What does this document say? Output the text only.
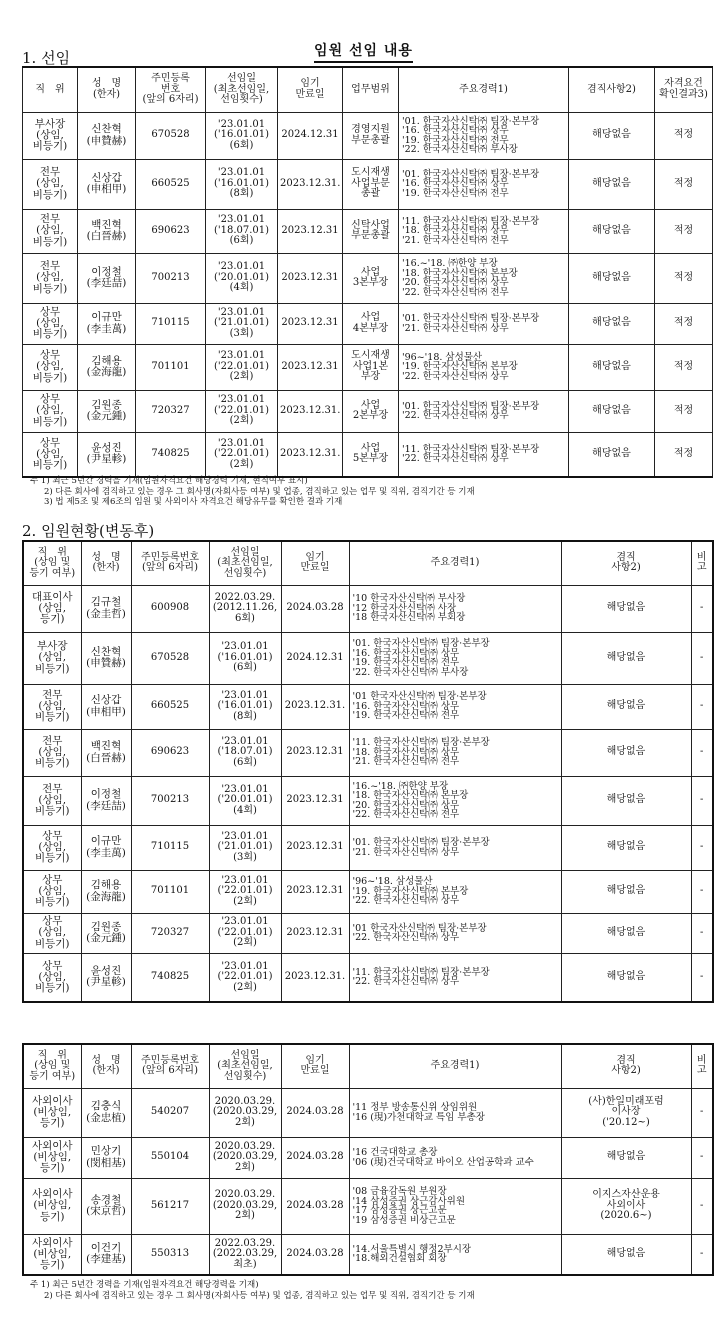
임원 선임 내용
1. 선임
직　위	성　명
(한자)	주민등록
번호
(앞의 6자리)	선임일
(최초선임일,
선임횟수)	임기
만료일	업무범위	주요경력1)	겸직사항2)	자격요건
확인결과3)

부사장
(상임,
비등기)	신찬혁
(申贊赫)	670528	'23.01.01
('16.01.01)
(6회)	2024.12.31	경영지원
부문총괄	'01. 한국자산신탁㈜ 팀장·본부장
'16. 한국자산신탁㈜ 상무
'19. 한국자산신탁㈜ 전무
'22. 한국자산신탁㈜ 부사장	해당없음	적정

전무
(상임,
비등기)	신상갑
(申相甲)	660525	'23.01.01
('16.01.01)
(8회)	2023.12.31.	도시재생
사업부문
총괄	'01. 한국자산신탁㈜ 팀장·본부장
'16. 한국자산신탁㈜ 상무
'19. 한국자산신탁㈜ 전무	해당없음	적정

전무
(상임,
비등기)	백진혁
(白晉赫)	690623	'23.01.01
('18.07.01)
(6회)	2023.12.31	신탁사업
부문총괄	'11. 한국자산신탁㈜ 팀장·본부장
'18. 한국자산신탁㈜ 상무
'21. 한국자산신탁㈜ 전무	해당없음	적정

전무
(상임,
비등기)	이정철
(李廷喆)	700213	'23.01.01
('20.01.01)
(4회)	2023.12.31	사업
3본부장	'16.~'18. ㈜한양 부장
'18. 한국자산신탁㈜ 본부장
'20. 한국자산신탁㈜ 상무
'22. 한국자산신탁㈜ 전무	해당없음	적정

상무
(상임,
비등기)	이규만
(李圭萬)	710115	'23.01.01
('21.01.01)
(3회)	2023.12.31	사업
4본부장	'01. 한국자산신탁㈜ 팀장·본부장
'21. 한국자산신탁㈜ 상무	해당없음	적정

상무
(상임,
비등기)	김해용
(金海龍)	701101	'23.01.01
('22.01.01)
(2회)	2023.12.31	도시재생
사업1본
부장	'96~'18. 삼성물산
'19. 한국자산신탁㈜ 본부장
'22. 한국자산신탁㈜ 상무	해당없음	적정

상무
(상임,
비등기)	김원종
(金元鍾)	720327	'23.01.01
('22.01.01)
(2회)	2023.12.31.	사업
2본부장	'01. 한국자산신탁㈜ 팀장·본부장
'22. 한국자산신탁㈜ 상무	해당없음	적정

상무
(상임,
비등기)	윤성진
(尹星軫)	740825	'23.01.01
('22.01.01)
(2회)	2023.12.31.	사업
5본부장	'11. 한국자산신탁㈜ 팀장·본부장
'22. 한국자산신탁㈜ 상무	해당없음	적정
주 1) 최근 5년간 경력을 기재(임원자격요건 해당경력 기재, 현직여부 표시)
2) 다른 회사에 겸직하고 있는 경우 그 회사명(자회사등 여부) 및 업종, 겸직하고 있는 업무 및 직위, 겸직기간 등 기재
3) 법 제5조 및 제6조의 임원 및 사외이사 자격요건 해당유무를 확인한 결과 기재
2. 임원현황(변동후)
직　위
(상임 및
등기 여부)	성　명
(한자)	주민등록번호
(앞의 6자리)	선임일
(최초선임일,
선임횟수)	임기
만료일	주요경력1)	겸직
사항2)	비
고

대표이사
(상임,
등기)	김규철
(金圭哲)	600908	2022.03.29.
(2012.11.26,
6회)	2024.03.28	'10 한국자산신탁㈜ 부사장
'12 한국자산신탁㈜ 사장
'18 한국자산신탁㈜ 부회장	해당없음	-

부사장
(상임,
비등기)	신찬혁
(申贊赫)	670528	'23.01.01
('16.01.01)
(6회)	2024.12.31	'01. 한국자산신탁㈜ 팀장·본부장
'16. 한국자산신탁㈜ 상무
'19. 한국자산신탁㈜ 전무
'22. 한국자산신탁㈜ 부사장	해당없음	-

전무
(상임,
비등기)	신상갑
(申相甲)	660525	'23.01.01
('16.01.01)
(8회)	2023.12.31.	'01 한국자산신탁㈜ 팀장·본부장
'16. 한국자산신탁㈜ 상무
'19. 한국자산신탁㈜ 전무	해당없음	-

전무
(상임,
비등기)	백진혁
(白晉赫)	690623	'23.01.01
('18.07.01)
(6회)	2023.12.31	'11. 한국자산신탁㈜ 팀장·본부장
'18. 한국자산신탁㈜ 상무
'21. 한국자산신탁㈜ 전무	해당없음	-

전무
(상임,
비등기)	이정철
(李廷喆)	700213	'23.01.01
('20.01.01)
(4회)	2023.12.31	'16.~'18. ㈜한양 부장
'18. 한국자산신탁㈜ 본부장
'20. 한국자산신탁㈜ 상무
'22. 한국자산신탁㈜ 전무	해당없음	-

상무
(상임,
비등기)	이규만
(李圭萬)	710115	'23.01.01
('21.01.01)
(3회)	2023.12.31	'01. 한국자산신탁㈜ 팀장·본부장
'21. 한국자산신탁㈜ 상무	해당없음	-

상무
(상임,
비등기)	김해용
(金海龍)	701101	'23.01.01
('22.01.01)
(2회)	2023.12.31	'96~'18. 삼성물산
'19. 한국자산신탁㈜ 본부장
'22. 한국자산신탁㈜ 상무	해당없음	-

상무
(상임,
비등기)	김원종
(金元鍾)	720327	'23.01.01
('22.01.01)
(2회)	2023.12.31	'01 한국자산신탁㈜ 팀장·본부장
'22. 한국자산신탁㈜ 상무	해당없음	-

상무
(상임,
비등기)	윤성진
(尹星軫)	740825	'23.01.01
('22.01.01)
(2회)	2023.12.31.	'11. 한국자산신탁㈜ 팀장·본부장
'22. 한국자산신탁㈜ 상무	해당없음	-
직　위
(상임 및
등기 여부)	성　명
(한자)	주민등록번호
(앞의 6자리)	선임일
(최초선임일,
선임횟수)	임기
만료일	주요경력1)	겸직
사항2)	비
고

사외이사
(비상임,
등기)	김충식
(金忠植)	540207	2020.03.29.
(2020.03.29,
2회)	2024.03.28	'11 정부 방송통신위 상임위원
'16 (現)가천대학교 특임 부총장	(사)한일미래포럼
이사장
('20.12~)	-

사외이사
(비상임,
등기)	민상기
(閔相基)	550104	2020.03.29.
(2020.03.29,
2회)	2024.03.28	'16 건국대학교 총장
'06 (現)건국대학교 바이오 산업공학과 교수	해당없음	-

사외이사
(비상임,
등기)	송경철
(宋京哲)	561217	2020.03.29.
(2020.03.29,
2회)	2024.03.28	'08 금융감독원 부원장
'14 삼성증권 상근감사위원
'17 삼성증권 상근고문
'19 삼성증권 비상근고문	이지스자산운용
사외이사
(2020.6~)	-

사외이사
(비상임,
등기)	이건기
(李建基)	550313	2022.03.29.
(2022.03.29,
최초)	2024.03.28	'14.서울특별시 행정2부시장
'18.해외건설협회 회장	해당없음	-
주 1) 최근 5년간 경력을 기재(임원자격요건 해당경력을 기재)
2) 다른 회사에 겸직하고 있는 경우 그 회사명(자회사등 여부) 및 업종, 겸직하고 있는 업무 및 직위, 겸직기간 등 기재
